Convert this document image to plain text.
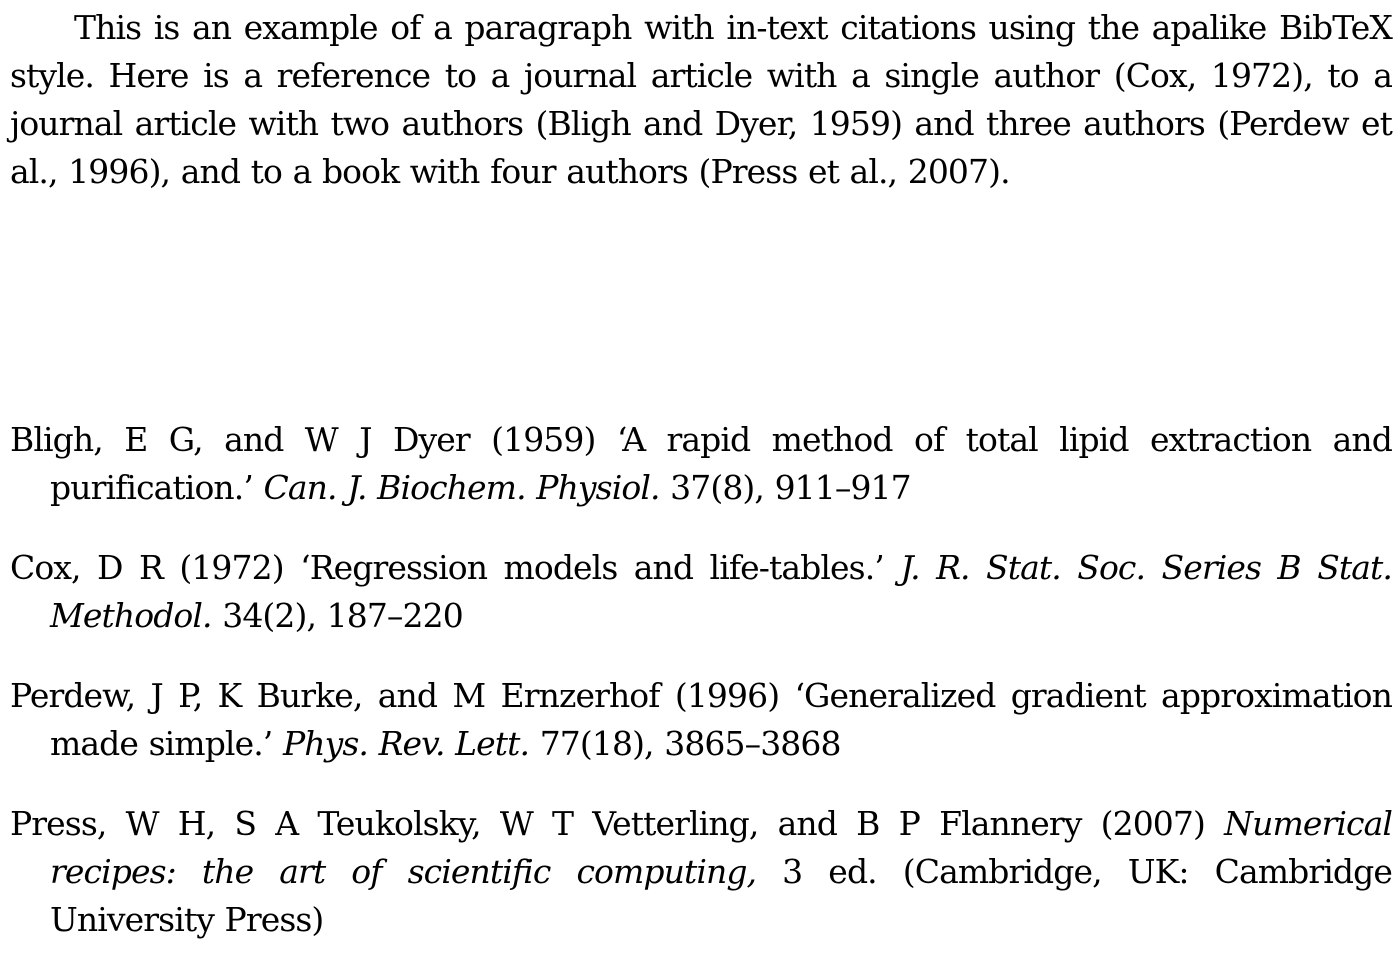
This is an example of a paragraph with in-text citations using the apalike BibTeX style. Here is a reference to a journal article with a single author (Cox, 1972), to a journal article with two authors (Bligh and Dyer, 1959) and three authors (Perdew et al., 1996), and to a book with four authors (Press et al., 2007).

Bligh, E G, and W J Dyer (1959) ‘A rapid method of total lipid extraction and purification.’ Can. J. Biochem. Physiol. 37(8), 911–917
Cox, D R (1972) ‘Regression models and life-tables.’ J. R. Stat. Soc. Series B Stat. Methodol. 34(2), 187–220
Perdew, J P, K Burke, and M Ernzerhof (1996) ‘Generalized gradient approximation made simple.’ Phys. Rev. Lett. 77(18), 3865–3868
Press, W H, S A Teukolsky, W T Vetterling, and B P Flannery (2007) Numerical recipes: the art of scientific computing, 3 ed. (Cambridge, UK: Cambridge University Press)
